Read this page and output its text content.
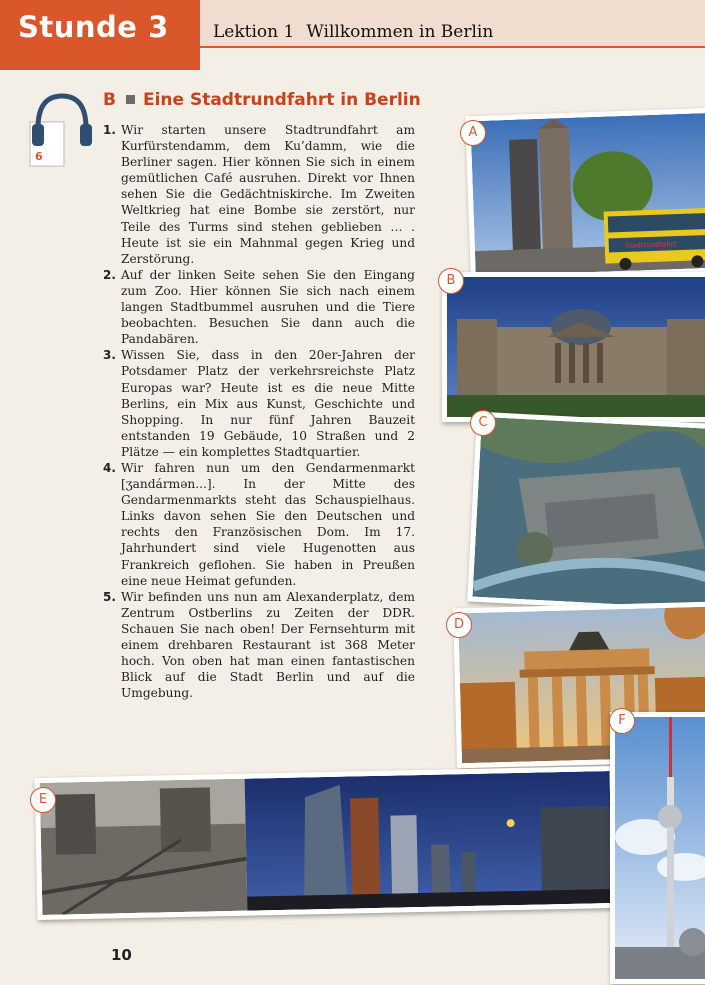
Stunde 3	Lektion 1 Willkommen in Berlin
6
B Eine Stadtrundfahrt in Berlin
1. Wir starten unsere Stadtrundfahrt am Kurfürstendamm, dem Ku’damm, wie die Berliner sagen. Hier können Sie sich in einem gemütlichen Café ausruhen. Direkt vor Ihnen sehen Sie die Gedächtniskirche. Im Zweiten Weltkrieg hat eine Bombe sie zerstört, nur Teile des Turms sind stehen geblieben … . Heute ist sie ein Mahnmal gegen Krieg und Zerstörung.
2. Auf der linken Seite sehen Sie den Eingang zum Zoo. Hier können Sie sich nach einem langen Stadtbummel ausruhen und die Tiere beobachten. Besuchen Sie dann auch die Pandabären.
3. Wissen Sie, dass in den 20er-Jahren der Potsdamer Platz der verkehrsreichste Platz Europas war? Heute ist es die neue Mitte Berlins, ein Mix aus Kunst, Geschichte und Shopping. In nur fünf Jahren Bauzeit entstanden 19 Gebäude, 10 Straßen und 2 Plätze — ein komplettes Stadtquartier.
4. Wir fahren nun um den Gendarmenmarkt [ʒandármən...]. In der Mitte des Gendarmenmarkts steht das Schauspielhaus. Links davon sehen Sie den Deutschen und rechts den Französischen Dom. Im 17. Jahrhundert sind viele Hugenotten aus Frankreich geflohen. Sie haben in Preußen eine neue Heimat gefunden.
5. Wir befinden uns nun am Alexanderplatz, dem Zentrum Ostberlins zu Zeiten der DDR. Schauen Sie nach oben! Der Fernsehturm mit einem drehbaren Restaurant ist 368 Meter hoch. Von oben hat man einen fantastischen Blick auf die Stadt Berlin und auf die Umgebung.
Stadtrundfahrt
A
B
C
D
E
F
10
